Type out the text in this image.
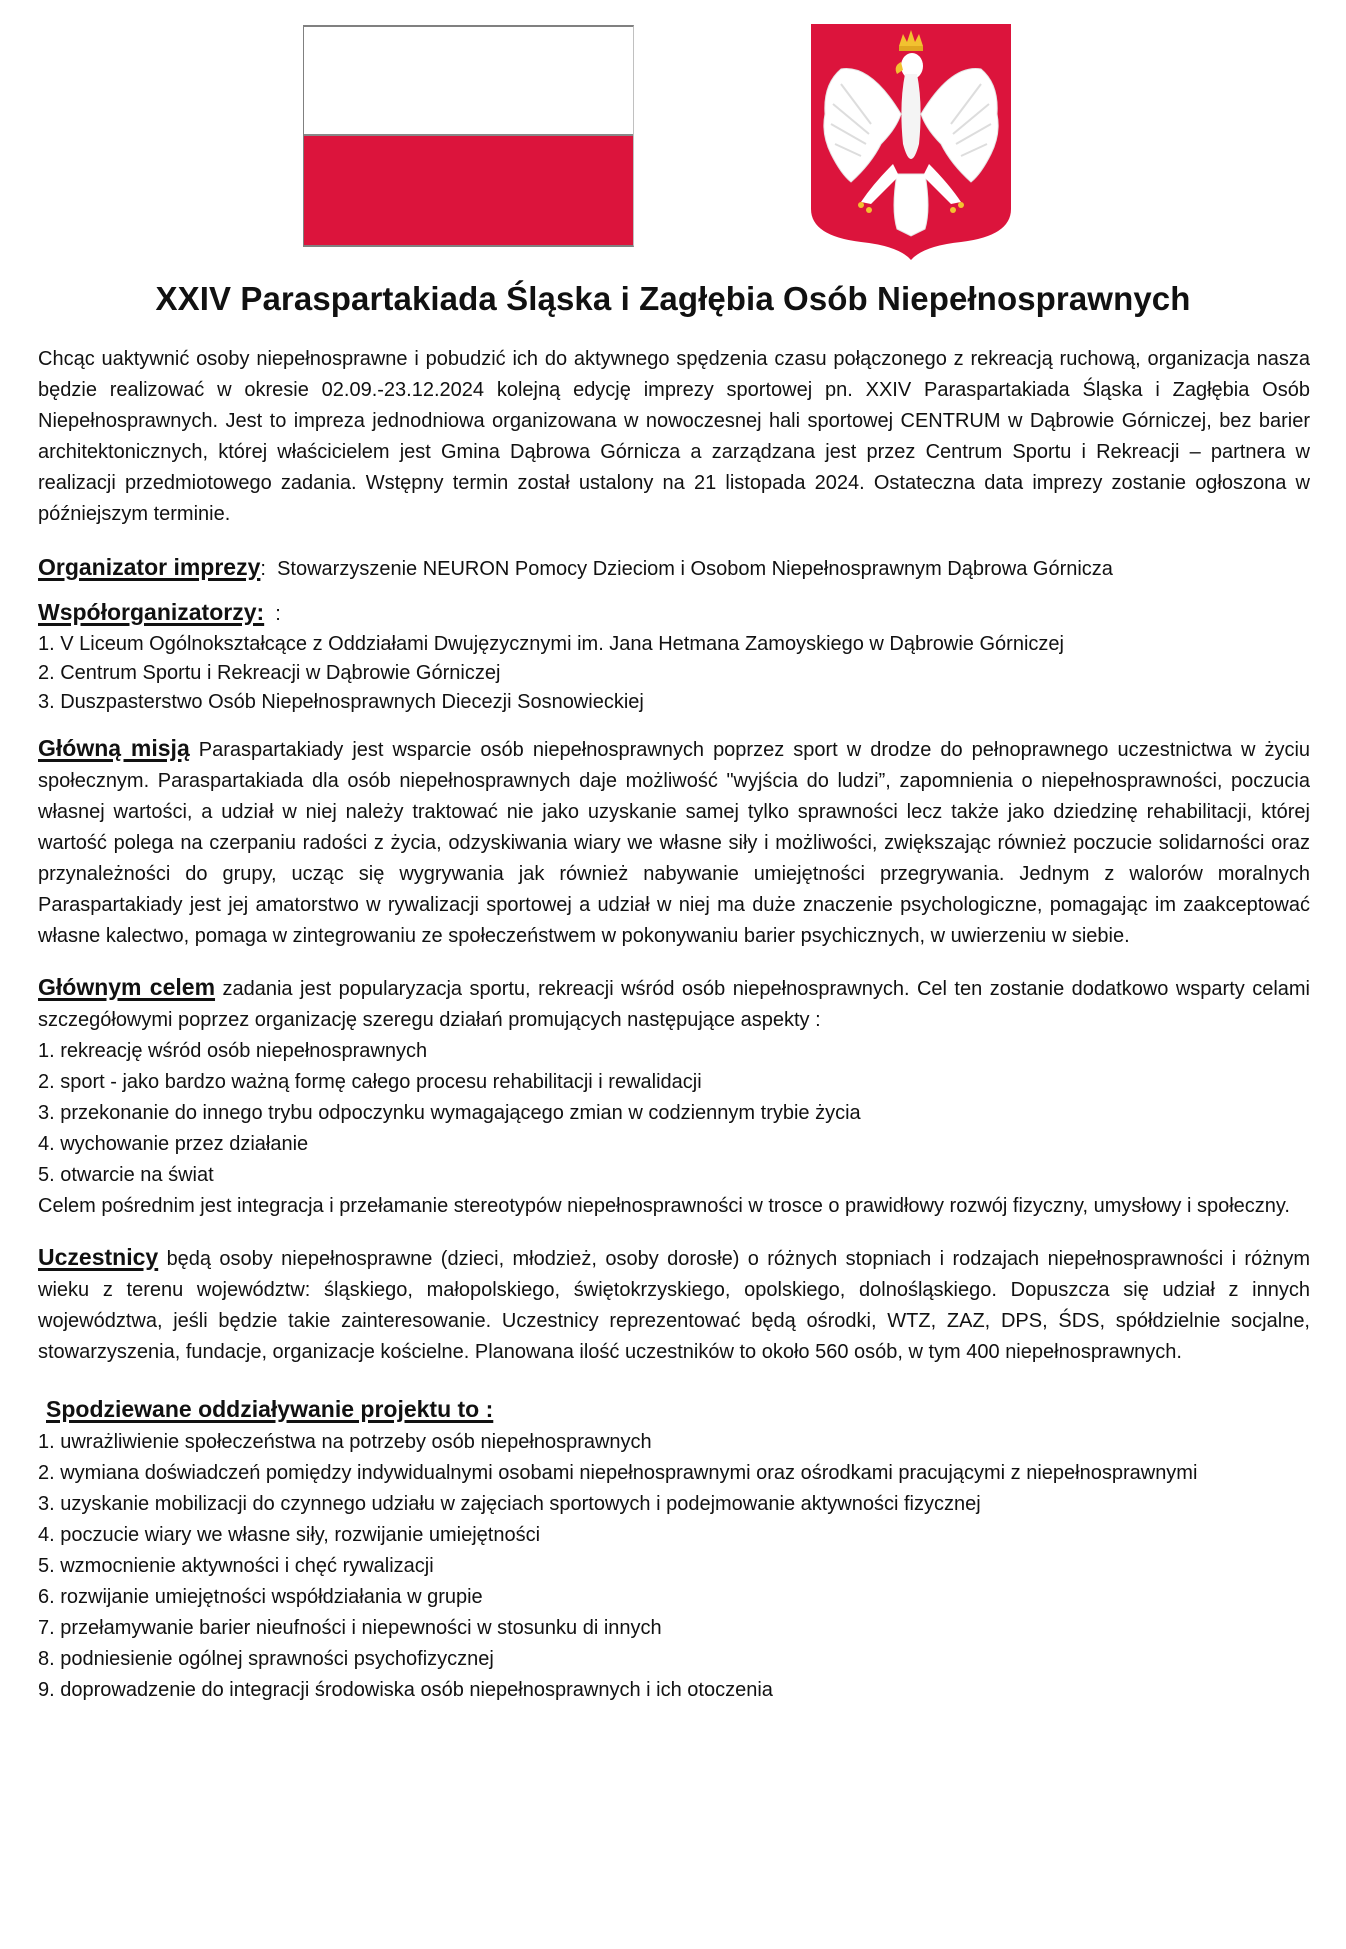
XXIV Paraspartakiada Śląska i Zagłębia Osób Niepełnosprawnych

Chcąc uaktywnić osoby niepełnosprawne i pobudzić ich do aktywnego spędzenia czasu połączonego z rekreacją ruchową, organizacja nasza będzie realizować w okresie 02.09.-23.12.2024 kolejną edycję imprezy sportowej pn. XXIV Paraspartakiada Śląska i Zagłębia Osób Niepełnosprawnych. Jest to impreza jednodniowa organizowana w nowoczesnej hali sportowej CENTRUM w Dąbrowie Górniczej, bez barier architektonicznych, której właścicielem jest Gmina Dąbrowa Górnicza a zarządzana jest przez Centrum Sportu i Rekreacji – partnera w realizacji przedmiotowego zadania. Wstępny termin został ustalony na 21 listopada 2024. Ostateczna data imprezy zostanie ogłoszona w późniejszym terminie.

Organizator imprezy: Stowarzyszenie NEURON Pomocy Dzieciom i Osobom Niepełnosprawnym Dąbrowa Górnicza

Współorganizatorzy: :

1. V Liceum Ogólnokształcące z Oddziałami Dwujęzycznymi im. Jana Hetmana Zamoyskiego w Dąbrowie Górniczej
2. Centrum Sportu i Rekreacji w Dąbrowie Górniczej
3. Duszpasterstwo Osób Niepełnosprawnych Diecezji Sosnowieckiej

Główną misją Paraspartakiady jest wsparcie osób niepełnosprawnych poprzez sport w drodze do pełnoprawnego uczestnictwa w życiu społecznym. Paraspartakiada dla osób niepełnosprawnych daje możliwość "wyjścia do ludzi”, zapomnienia o niepełnosprawności, poczucia własnej wartości, a udział w niej należy traktować nie jako uzyskanie samej tylko sprawności lecz także jako dziedzinę rehabilitacji, której wartość polega na czerpaniu radości z życia, odzyskiwania wiary we własne siły i możliwości, zwiększając również poczucie solidarności oraz przynależności do grupy, ucząc się wygrywania jak również nabywanie umiejętności przegrywania. Jednym z walorów moralnych Paraspartakiady jest jej amatorstwo w rywalizacji sportowej a udział w niej ma duże znaczenie psychologiczne, pomagając im zaakceptować własne kalectwo, pomaga w zintegrowaniu ze społeczeństwem w pokonywaniu barier psychicznych, w uwierzeniu w siebie.

Głównym celem zadania jest popularyzacja sportu, rekreacji wśród osób niepełnosprawnych. Cel ten zostanie dodatkowo wsparty celami szczegółowymi poprzez organizację szeregu działań promujących następujące aspekty :

1. rekreację wśród osób niepełnosprawnych
2. sport - jako bardzo ważną formę całego procesu rehabilitacji i rewalidacji
3. przekonanie do innego trybu odpoczynku wymagającego zmian w codziennym trybie życia
4. wychowanie przez działanie
5. otwarcie na świat

Celem pośrednim jest integracja i przełamanie stereotypów niepełnosprawności w trosce o prawidłowy rozwój fizyczny, umysłowy i społeczny.

Uczestnicy będą osoby niepełnosprawne (dzieci, młodzież, osoby dorosłe) o różnych stopniach i rodzajach niepełnosprawności i różnym wieku z terenu województw: śląskiego, małopolskiego, świętokrzyskiego, opolskiego, dolnośląskiego. Dopuszcza się udział z innych województwa, jeśli będzie takie zainteresowanie. Uczestnicy reprezentować będą ośrodki, WTZ, ZAZ, DPS, ŚDS, spółdzielnie socjalne, stowarzyszenia, fundacje, organizacje kościelne. Planowana ilość uczestników to około 560 osób, w tym 400 niepełnosprawnych.

Spodziewane oddziaływanie projektu to :

1. uwrażliwienie społeczeństwa na potrzeby osób niepełnosprawnych
2. wymiana doświadczeń pomiędzy indywidualnymi osobami niepełnosprawnymi oraz ośrodkami pracującymi z niepełnosprawnymi
3. uzyskanie mobilizacji do czynnego udziału w zajęciach sportowych i podejmowanie aktywności fizycznej
4. poczucie wiary we własne siły, rozwijanie umiejętności
5. wzmocnienie aktywności i chęć rywalizacji
6. rozwijanie umiejętności współdziałania w grupie
7. przełamywanie barier nieufności i niepewności w stosunku di innych
8. podniesienie ogólnej sprawności psychofizycznej
9. doprowadzenie do integracji środowiska osób niepełnosprawnych i ich otoczenia
